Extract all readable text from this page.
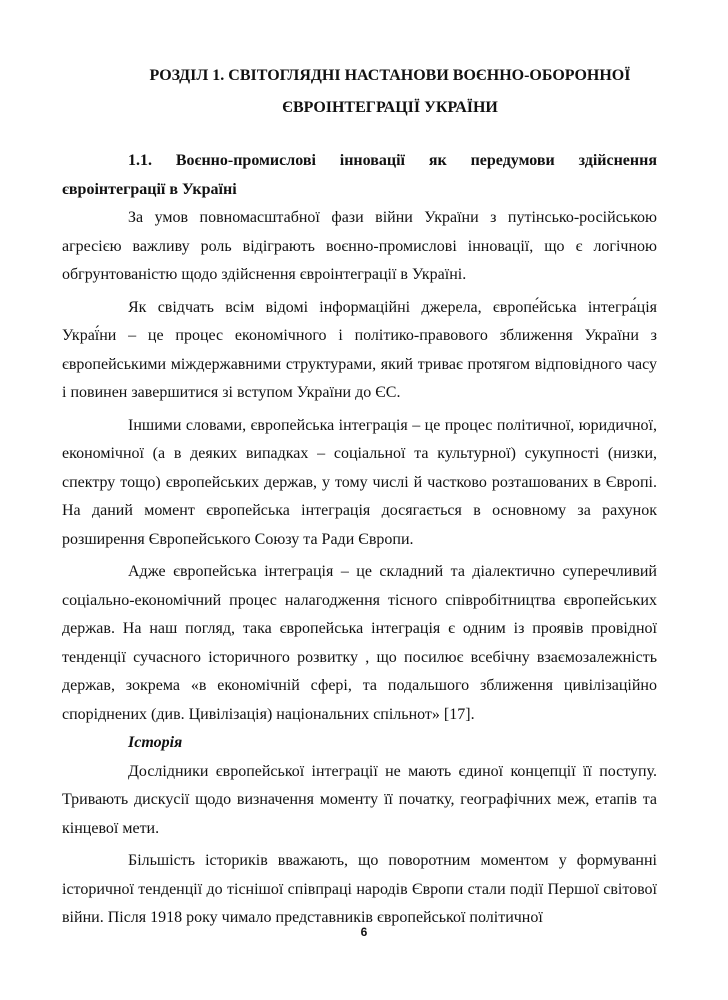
РОЗДІЛ 1. СВІТОГЛЯДНІ НАСТАНОВИ ВОЄННО-ОБОРОННОЇ
ЄВРОІНТЕГРАЦІЇ УКРАЇНИ

1.1. Воєнно-промислові інновації як передумови здійснення

євроінтеграції в Україні

За умов повномасштабної фази війни України з путінсько-російською агресією важливу роль відіграють воєнно-промислові інновації, що є логічною обгрунтованістю щодо здійснення євроінтеграції в Україні.

Як свідчать всім відомі інформаційні джерела, європе́йська інтегра́ція Украї́ни – це процес економічного і політико-правового зближення України з європейськими міждержавними структурами, який триває протягом відповідного часу і повинен завершитися зі вступом України до ЄС.

Іншими словами, європейська інтеграція – це процес політичної, юридичної, економічної (а в деяких випадках – соціальної та культурної) сукупності (низки, спектру тощо) європейських держав, у тому числі й частково розташованих в Європі. На даний момент європейська інтеграція досягається в основному за рахунок розширення Європейського Союзу та Ради Європи.

Адже європейська інтеграція – це складний та діалектично суперечливий соціально-економічний процес налагодження тісного співробітництва європейських держав. На наш погляд, така європейська інтеграція є одним із проявів провідної тенденції сучасного історичного розвитку , що посилює всебічну взаємозалежність держав, зокрема «в економічній сфері, та подальшого зближення цивілізаційно споріднених (див. Цивілізація) національних спільнот» [17].

Історія

Дослідники європейської інтеграції не мають єдиної концепції її поступу. Тривають дискусії щодо визначення моменту її початку, географічних меж, етапів та кінцевої мети.

Більшість істориків вважають, що поворотним моментом у формуванні історичної тенденції до тіснішої співпраці народів Європи стали події Першої світової війни. Після 1918 року чимало представників європейської політичної

6
